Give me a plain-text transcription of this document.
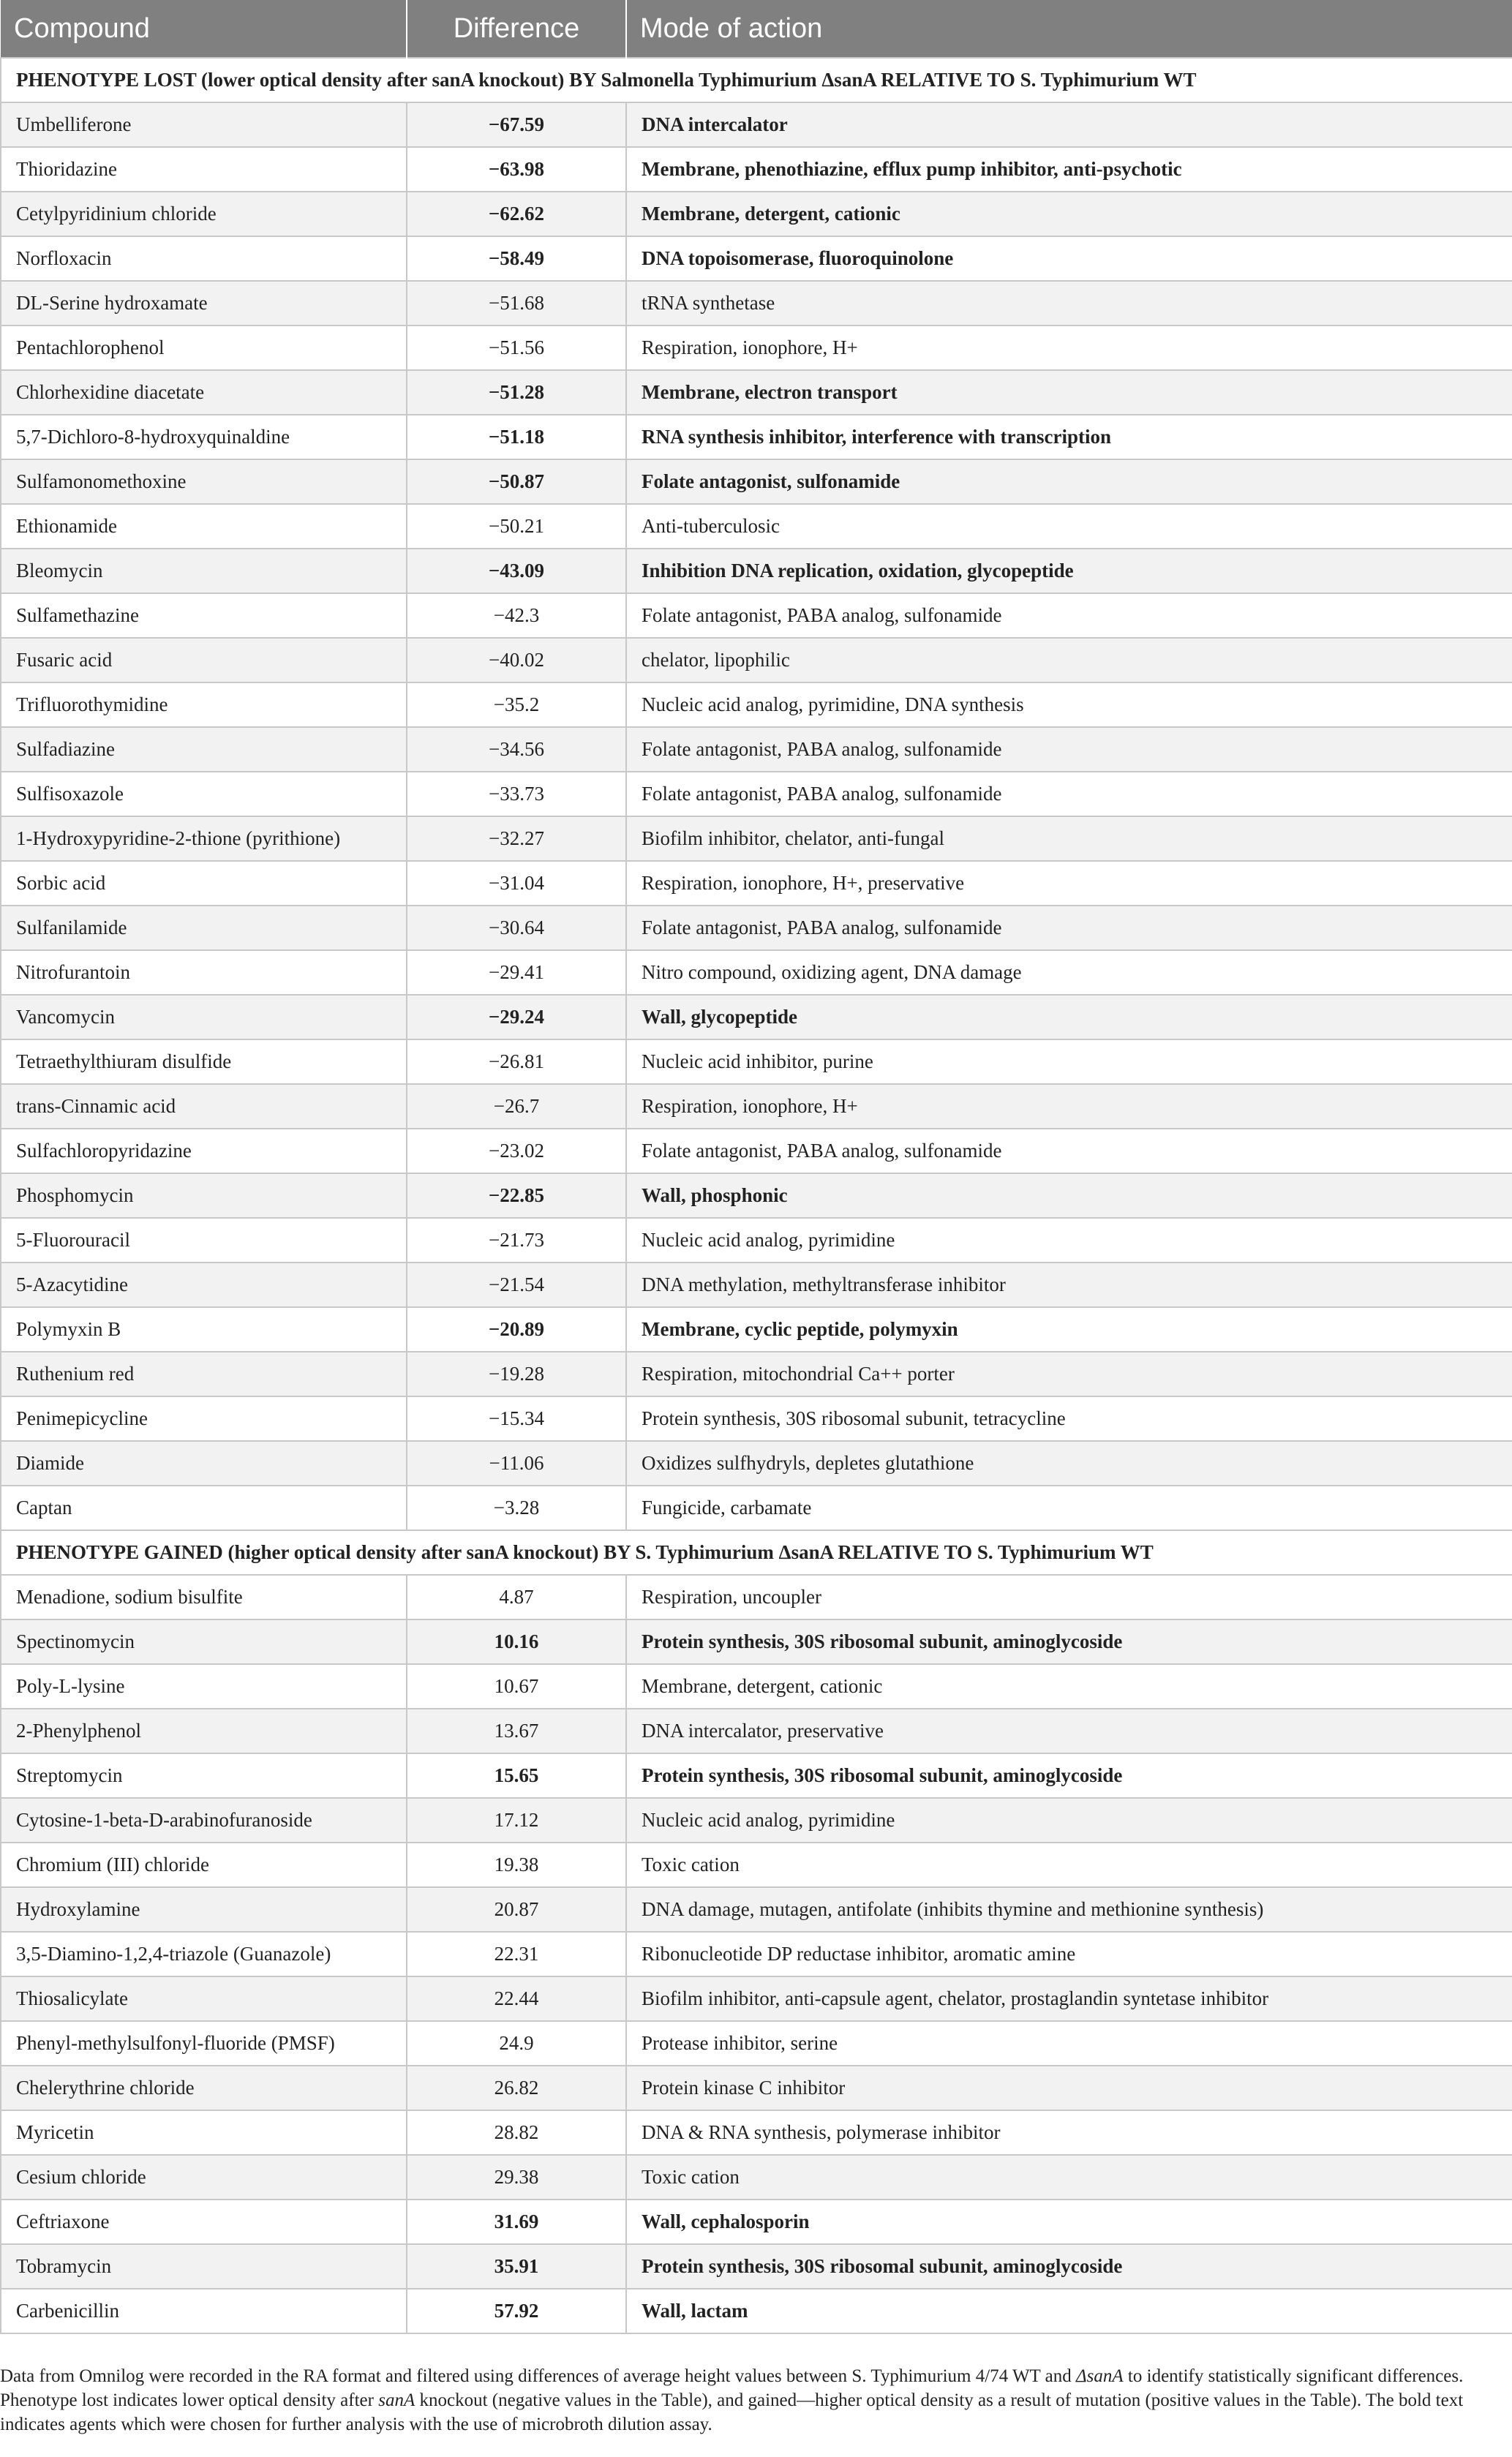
Compound	Difference	Mode of action
PHENOTYPE LOST (lower optical density after sanA knockout) BY Salmonella Typhimurium ΔsanA RELATIVE TO S. Typhimurium WT		
Umbelliferone	−67.59	DNA intercalator
Thioridazine	−63.98	Membrane, phenothiazine, efflux pump inhibitor, anti-psychotic
Cetylpyridinium chloride	−62.62	Membrane, detergent, cationic
Norfloxacin	−58.49	DNA topoisomerase, fluoroquinolone
DL-Serine hydroxamate	−51.68	tRNA synthetase
Pentachlorophenol	−51.56	Respiration, ionophore, H+
Chlorhexidine diacetate	−51.28	Membrane, electron transport
5,7-Dichloro-8-hydroxyquinaldine	−51.18	RNA synthesis inhibitor, interference with transcription
Sulfamonomethoxine	−50.87	Folate antagonist, sulfonamide
Ethionamide	−50.21	Anti-tuberculosic
Bleomycin	−43.09	Inhibition DNA replication, oxidation, glycopeptide
Sulfamethazine	−42.3	Folate antagonist, PABA analog, sulfonamide
Fusaric acid	−40.02	chelator, lipophilic
Trifluorothymidine	−35.2	Nucleic acid analog, pyrimidine, DNA synthesis
Sulfadiazine	−34.56	Folate antagonist, PABA analog, sulfonamide
Sulfisoxazole	−33.73	Folate antagonist, PABA analog, sulfonamide
1-Hydroxypyridine-2-thione (pyrithione)	−32.27	Biofilm inhibitor, chelator, anti-fungal
Sorbic acid	−31.04	Respiration, ionophore, H+, preservative
Sulfanilamide	−30.64	Folate antagonist, PABA analog, sulfonamide
Nitrofurantoin	−29.41	Nitro compound, oxidizing agent, DNA damage
Vancomycin	−29.24	Wall, glycopeptide
Tetraethylthiuram disulfide	−26.81	Nucleic acid inhibitor, purine
trans-Cinnamic acid	−26.7	Respiration, ionophore, H+
Sulfachloropyridazine	−23.02	Folate antagonist, PABA analog, sulfonamide
Phosphomycin	−22.85	Wall, phosphonic
5-Fluorouracil	−21.73	Nucleic acid analog, pyrimidine
5-Azacytidine	−21.54	DNA methylation, methyltransferase inhibitor
Polymyxin B	−20.89	Membrane, cyclic peptide, polymyxin
Ruthenium red	−19.28	Respiration, mitochondrial Ca++ porter
Penimepicycline	−15.34	Protein synthesis, 30S ribosomal subunit, tetracycline
Diamide	−11.06	Oxidizes sulfhydryls, depletes glutathione
Captan	−3.28	Fungicide, carbamate
PHENOTYPE GAINED (higher optical density after sanA knockout) BY S. Typhimurium ΔsanA RELATIVE TO S. Typhimurium WT		
Menadione, sodium bisulfite	4.87	Respiration, uncoupler
Spectinomycin	10.16	Protein synthesis, 30S ribosomal subunit, aminoglycoside
Poly-L-lysine	10.67	Membrane, detergent, cationic
2-Phenylphenol	13.67	DNA intercalator, preservative
Streptomycin	15.65	Protein synthesis, 30S ribosomal subunit, aminoglycoside
Cytosine-1-beta-D-arabinofuranoside	17.12	Nucleic acid analog, pyrimidine
Chromium (III) chloride	19.38	Toxic cation
Hydroxylamine	20.87	DNA damage, mutagen, antifolate (inhibits thymine and methionine synthesis)
3,5-Diamino-1,2,4-triazole (Guanazole)	22.31	Ribonucleotide DP reductase inhibitor, aromatic amine
Thiosalicylate	22.44	Biofilm inhibitor, anti-capsule agent, chelator, prostaglandin syntetase inhibitor
Phenyl-methylsulfonyl-fluoride (PMSF)	24.9	Protease inhibitor, serine
Chelerythrine chloride	26.82	Protein kinase C inhibitor
Myricetin	28.82	DNA & RNA synthesis, polymerase inhibitor
Cesium chloride	29.38	Toxic cation
Ceftriaxone	31.69	Wall, cephalosporin
Tobramycin	35.91	Protein synthesis, 30S ribosomal subunit, aminoglycoside
Carbenicillin	57.92	Wall, lactam
Data from Omnilog were recorded in the RA format and filtered using differences of average height values between S. Typhimurium 4/74 WT and ΔsanA to identify statistically significant differences. Phenotype lost indicates lower optical density after sanA knockout (negative values in the Table), and gained—higher optical density as a result of mutation (positive values in the Table). The bold text indicates agents which were chosen for further analysis with the use of microbroth dilution assay.
